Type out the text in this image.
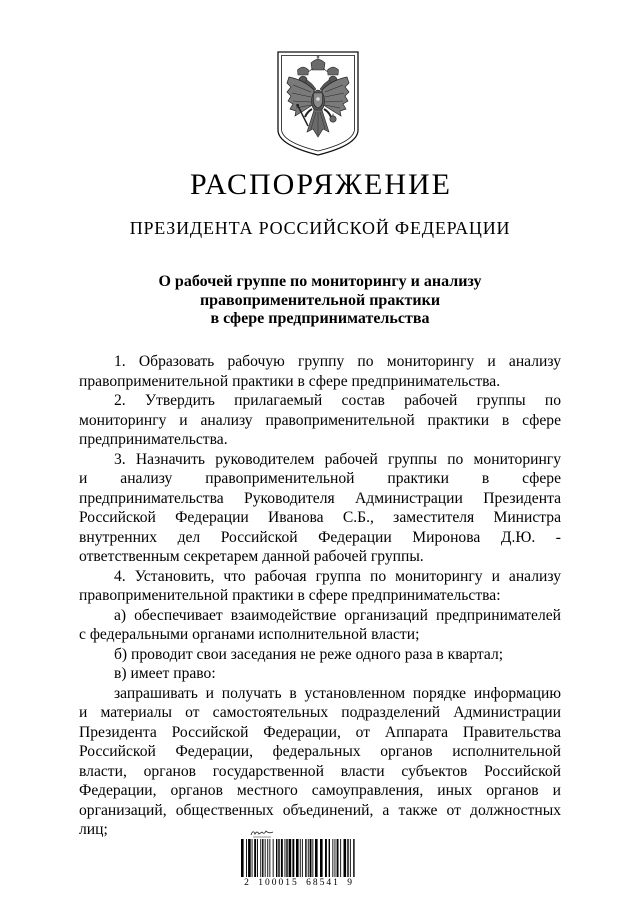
РАСПОРЯЖЕНИЕ
ПРЕЗИДЕНТА РОССИЙСКОЙ ФЕДЕРАЦИИ
О рабочей группе по мониторингу и анализу
правоприменительной практики
в сфере предпринимательства
1. Образовать рабочую группу по мониторингу и анализу
правоприменительной практики в сфере предпринимательства.
2. Утвердить прилагаемый состав рабочей группы по
мониторингу и анализу правоприменительной практики в сфере
предпринимательства.
3. Назначить руководителем рабочей группы по мониторингу
и анализу правоприменительной практики в сфере
предпринимательства Руководителя Администрации Президента
Российской Федерации Иванова С.Б., заместителя Министра
внутренних дел Российской Федерации Миронова Д.Ю. -
ответственным секретарем данной рабочей группы.
4. Установить, что рабочая группа по мониторингу и анализу
правоприменительной практики в сфере предпринимательства:
а) обеспечивает взаимодействие организаций предпринимателей
с федеральными органами исполнительной власти;
б) проводит свои заседания не реже одного раза в квартал;
в) имеет право:
запрашивать и получать в установленном порядке информацию
и материалы от самостоятельных подразделений Администрации
Президента Российской Федерации, от Аппарата Правительства
Российской Федерации, федеральных органов исполнительной
власти, органов государственной власти субъектов Российской
Федерации, органов местного самоуправления, иных органов и
организаций, общественных объединений, а также от должностных
лиц;
2 100015 68541 9
